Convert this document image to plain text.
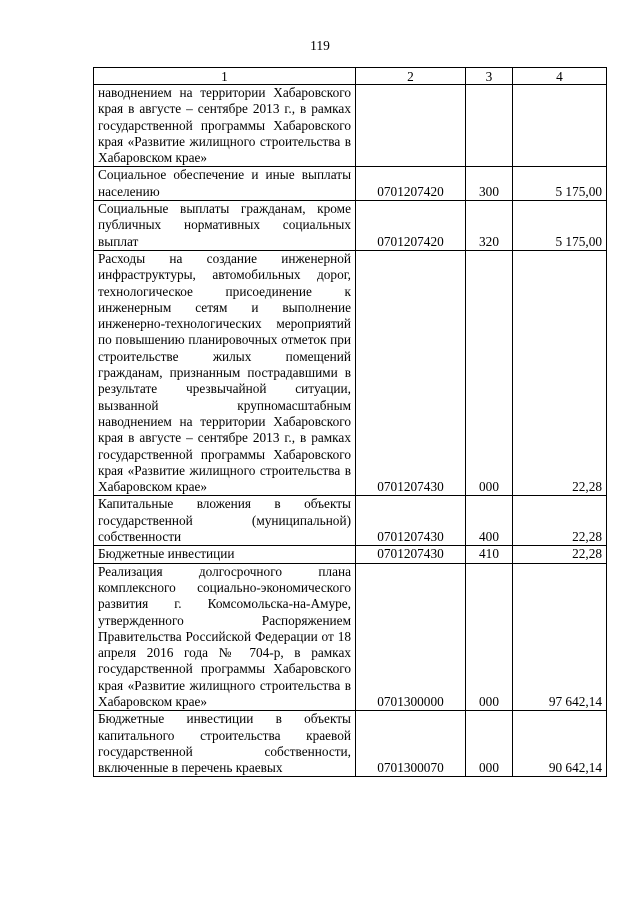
119
1	2	3	4
наводнением на территории Хабаровского края в августе – сентябре 2013 г., в рамках государственной программы Хабаровского края «Развитие жилищного строительства в Хабаровском крае»			
Социальное обеспечение и иные выплаты населению	0701207420	300	5 175,00
Социальные выплаты гражданам, кроме публичных нормативных социальных выплат	0701207420	320	5 175,00
Расходы на создание инженерной инфраструктуры, автомобильных дорог, технологическое присоединение к инженерным сетям и выполнение инженерно-технологических мероприятий по повышению планировочных отметок при строительстве жилых помещений гражданам, признанным пострадавшими в результате чрезвычайной ситуации, вызванной крупномасштабным наводнением на территории Хабаровского края в августе – сентябре 2013 г., в рамках государственной программы Хабаровского края «Развитие жилищного строительства в Хабаровском крае»	0701207430	000	22,28
Капитальные вложения в объекты государственной (муниципальной) собственности	0701207430	400	22,28
Бюджетные инвестиции	0701207430	410	22,28
Реализация долгосрочного плана комплексного социально-экономического развития г. Комсомольска-на-Амуре, утвержденного Распоряжением Правительства Российской Федерации от 18 апреля 2016 года № 704-р, в рамках государственной программы Хабаровского края «Развитие жилищного строительства в Хабаровском крае»	0701300000	000	97 642,14
Бюджетные инвестиции в объекты капитального строительства краевой государственной собственности, включенные в перечень краевых	0701300070	000	90 642,14
